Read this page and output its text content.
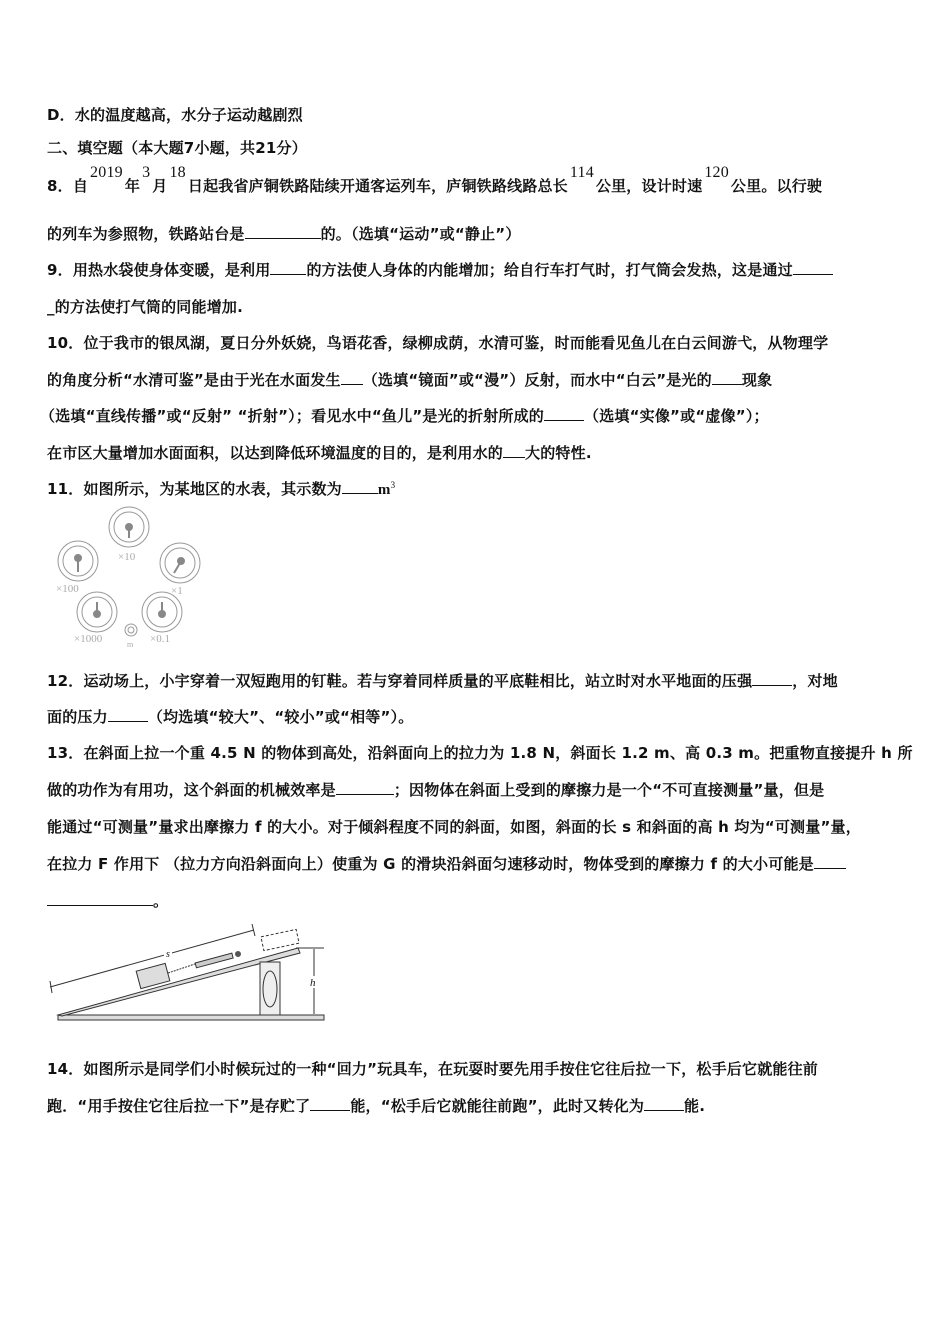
D．水的温度越高，水分子运动越剧烈
二、填空题（本大题7小题，共21分）
8．自2019年3月18日起我省庐铜铁路陆续开通客运列车，庐铜铁路线路总长114公里，设计时速120公里。以行驶
的列车为参照物，铁路站台是	的。（选填“运动”或“静止”）
9．用热水袋使身体变暖，是利用 的方法使人身体的内能增加；给自行车打气时，打气筒会发热，这是通过
_的方法使打气筒的同能增加.
10．位于我市的银凤湖，夏日分外妖娆，鸟语花香，绿柳成荫，水清可鉴，时而能看见鱼儿在白云间游弋，从物理学
的角度分析“水清可鉴”是由于光在水面发生 （选填“镜面”或“漫”）反射，而水中“白云”是光的 现象
（选填“直线传播”或“反射” “折射”）；看见水中“鱼儿”是光的折射所成的	（选填“实像”或“虚像”）；
在市区大量增加水面面积，以达到降低环境温度的目的，是利用水的 大的特性.
11．如图所示，为某地区的水表，其示数为 $m^3$
×10
×100	×1
×1000	×0.1
m
12．运动场上，小宇穿着一双短跑用的钉鞋。若与穿着同样质量的平底鞋相比，站立时对水平地面的压强	，对地
面的压力	（均选填“较大”、“较小”或“相等”）。
13．在斜面上拉一个重 4.5 N 的物体到高处，沿斜面向上的拉力为 1.8 N，斜面长 1.2 m、高 0.3 m。把重物直接提升 h 所
做的功作为有用功，这个斜面的机械效率是	；因物体在斜面上受到的摩擦力是一个“不可直接测量”量，但是
能通过“可测量”量求出摩擦力 f 的大小。对于倾斜程度不同的斜面，如图，斜面的长 s 和斜面的高 h 均为“可测量”量，
在拉力 F 作用下 （拉力方向沿斜面向上）使重为 G 的滑块沿斜面匀速移动时，物体受到的摩擦力 f 的大小可能是
。
s
h
14．如图所示是同学们小时候玩过的一种“回力”玩具车，在玩耍时要先用手按住它往后拉一下，松手后它就能往前
跑．“用手按住它往后拉一下”是存贮了	能，“松手后它就能往前跑”，此时又转化为	能.
